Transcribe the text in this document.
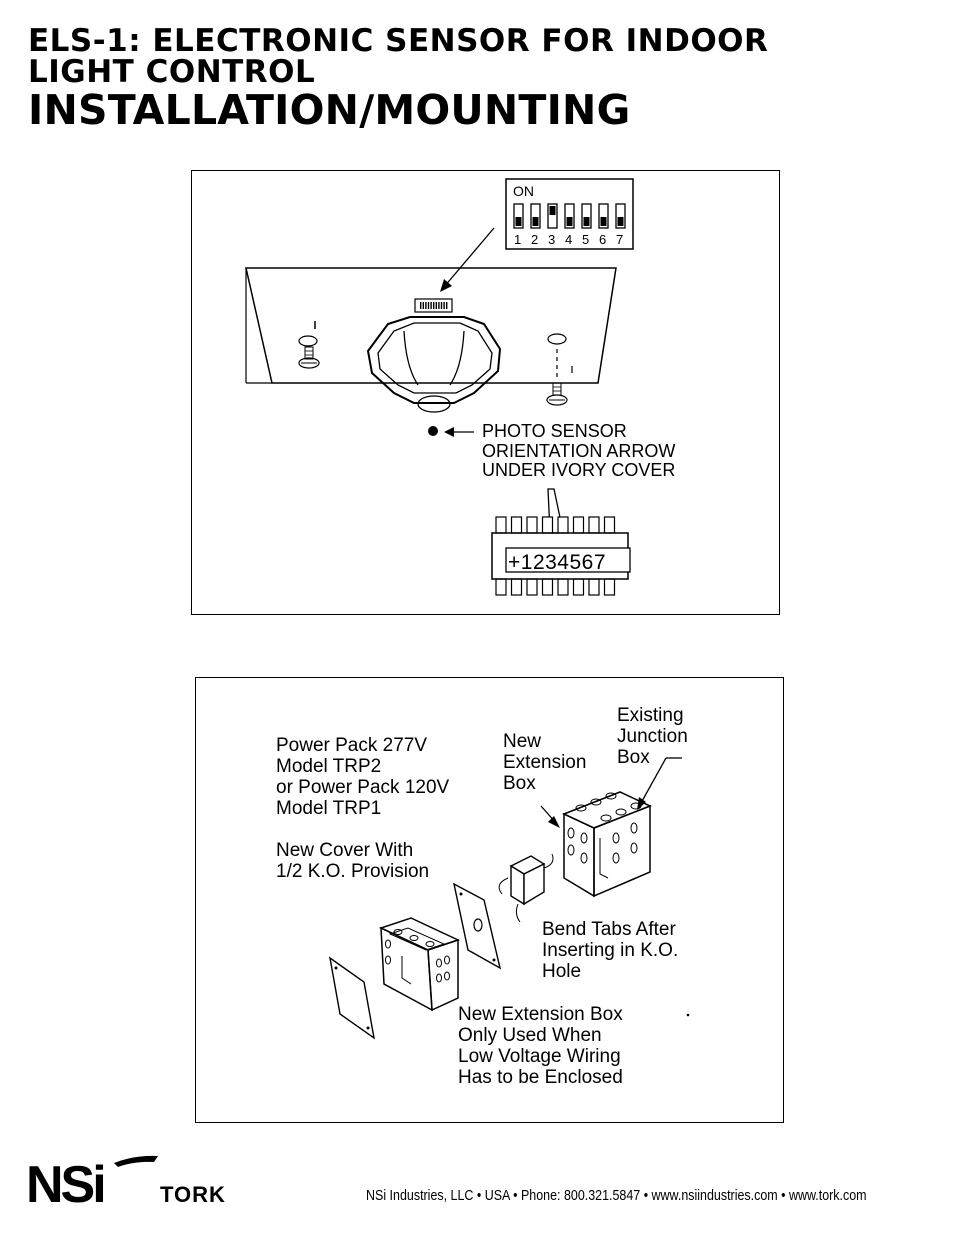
ELS-1: ELECTRONIC SENSOR FOR INDOOR
LIGHT CONTROL
INSTALLATION/MOUNTING
ON
1 2 3 4 5 6 7
PHOTO SENSOR
ORIENTATION ARROW
UNDER IVORY COVER
+1234567
Power Pack 277V
Model TRP2
or Power Pack 120V
Model TRP1
New
Extension
Box
Existing
Junction
Box
New Cover With
1/2 K.O. Provision
Bend Tabs After
Inserting in K.O.
Hole
New Extension Box
Only Used When
Low Voltage Wiring
Has to be Enclosed
NSi	TORK	NSi Industries, LLC • USA • Phone: 800.321.5847 • www.nsiindustries.com • www.tork.com
